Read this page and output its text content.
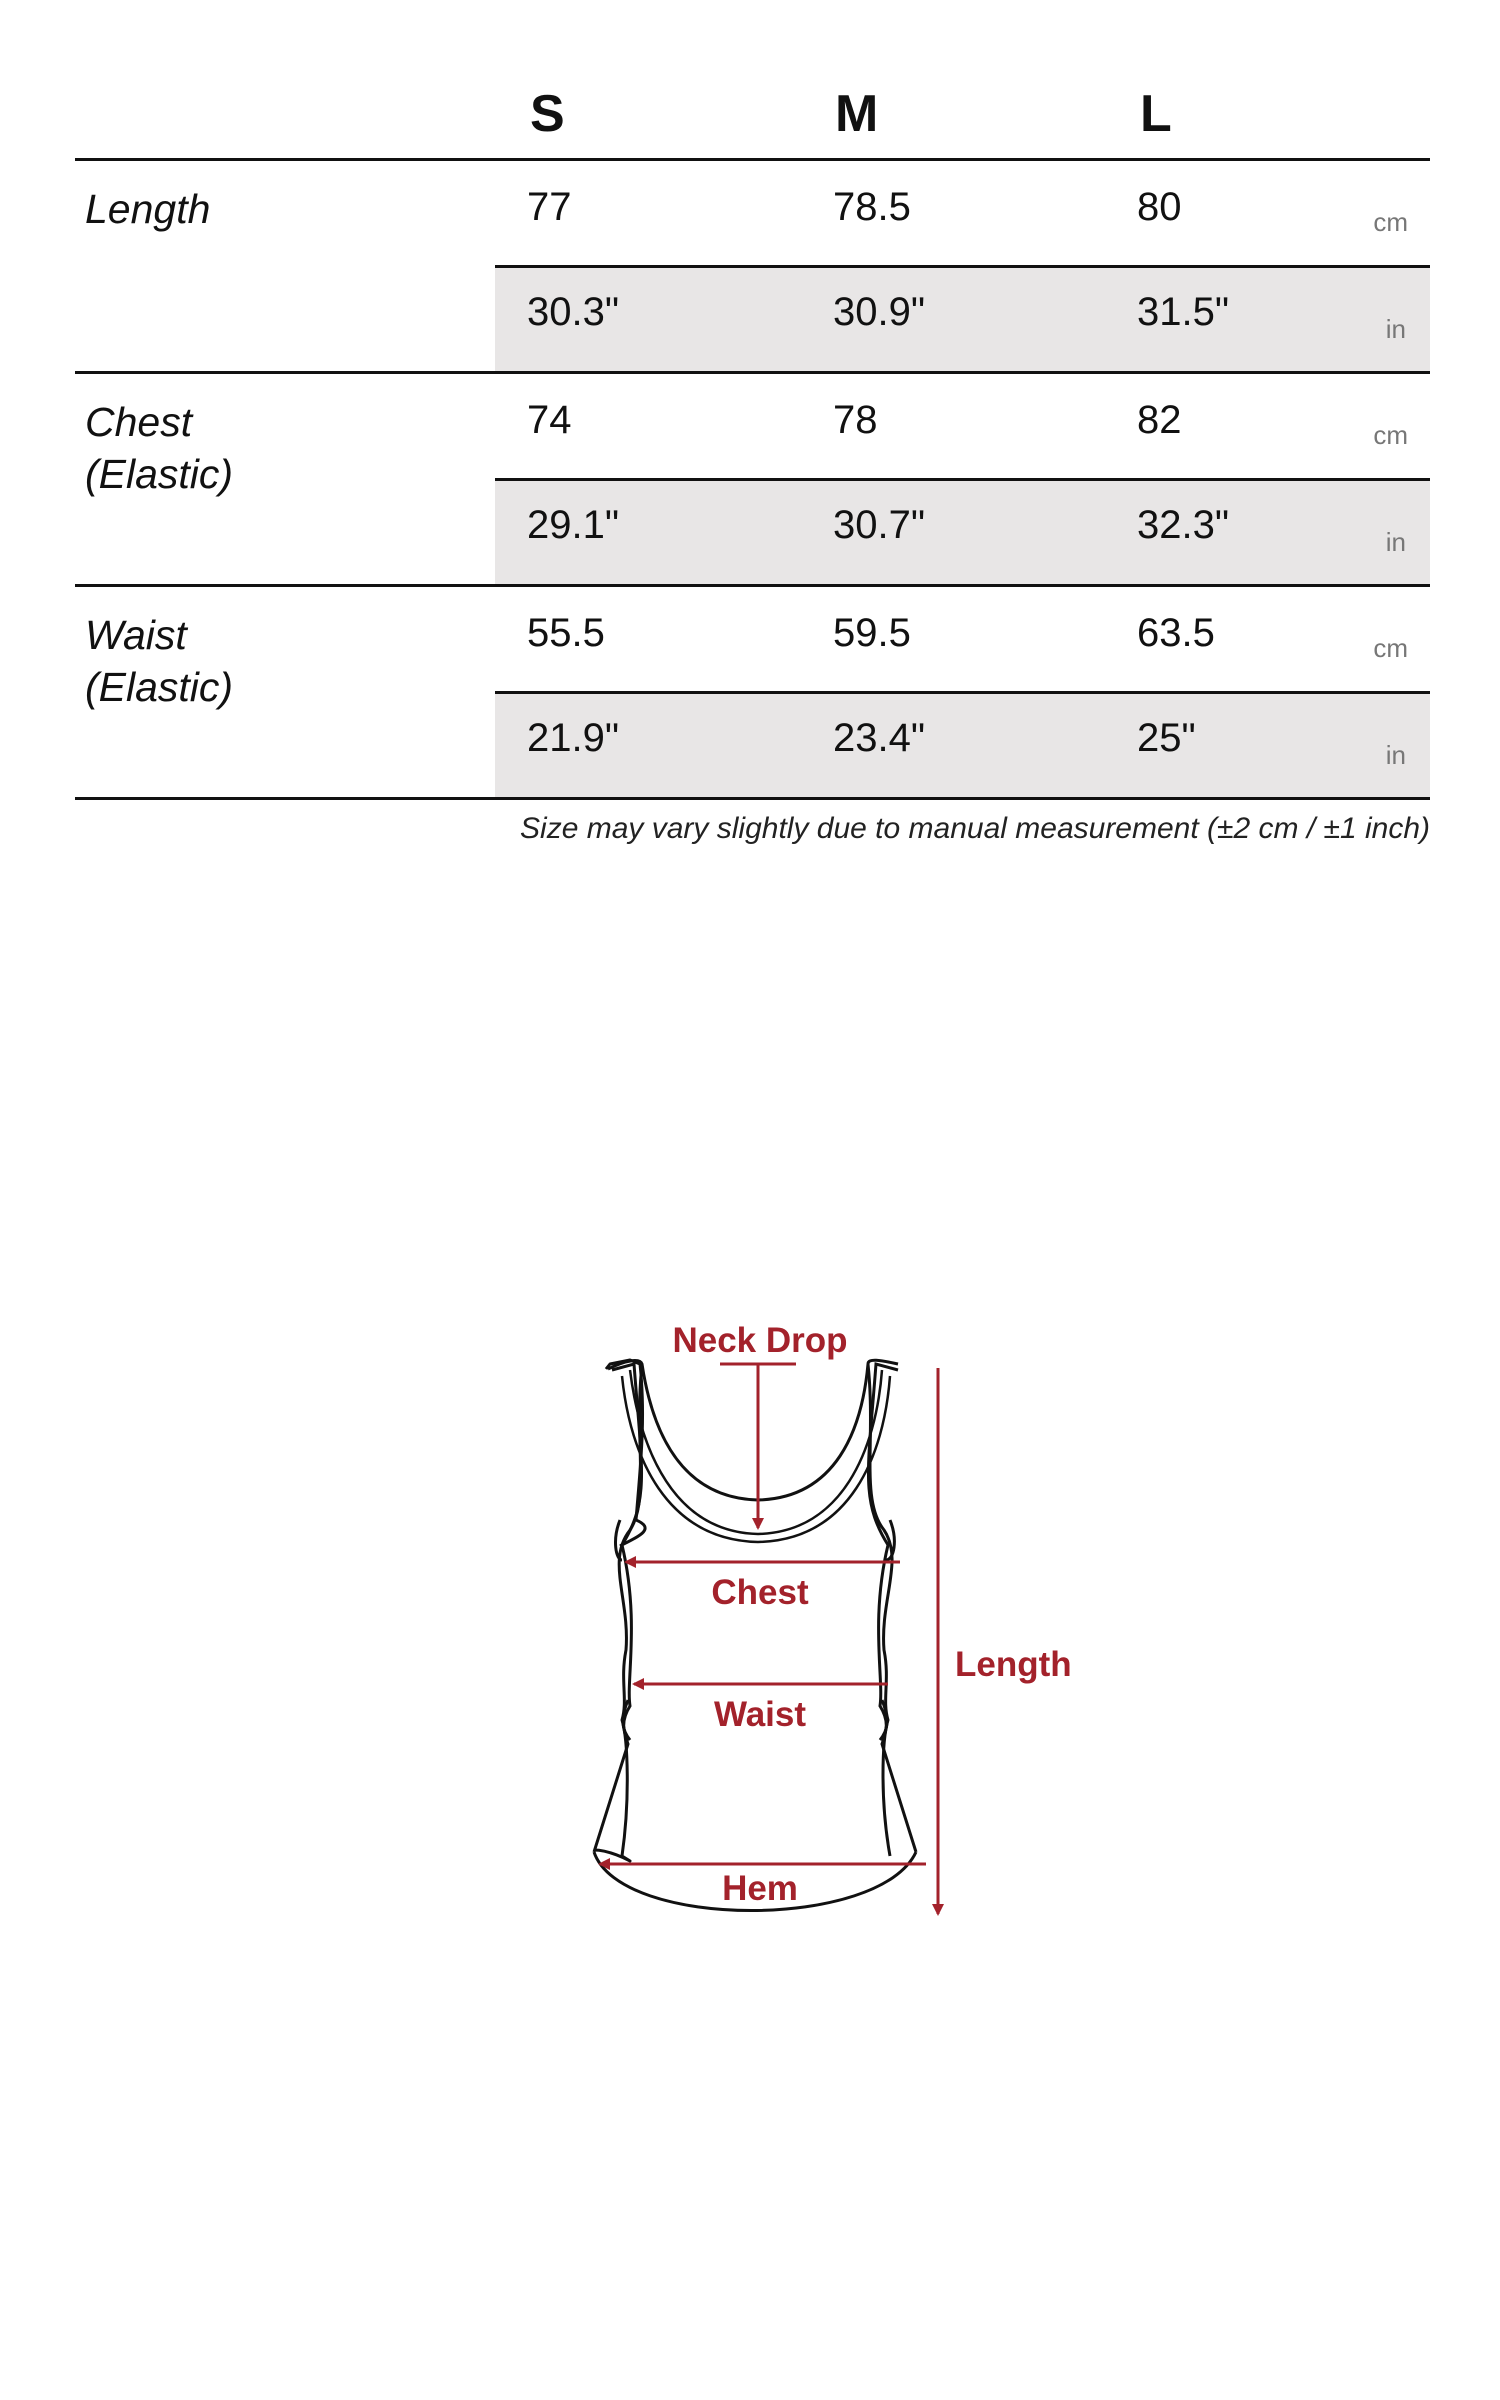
S	M	L
Length	77	78.5	80	cm
30.3"	30.9"	31.5"	in
Chest
(Elastic)
74	78	82	cm
29.1"	30.7"	32.3"	in
Waist
(Elastic)
55.5	59.5	63.5	cm
21.9"	23.4"	25"	in
Size may vary slightly due to manual measurement (±2 cm / ±1 inch)
Neck Drop
Chest
Waist
Hem
Length
